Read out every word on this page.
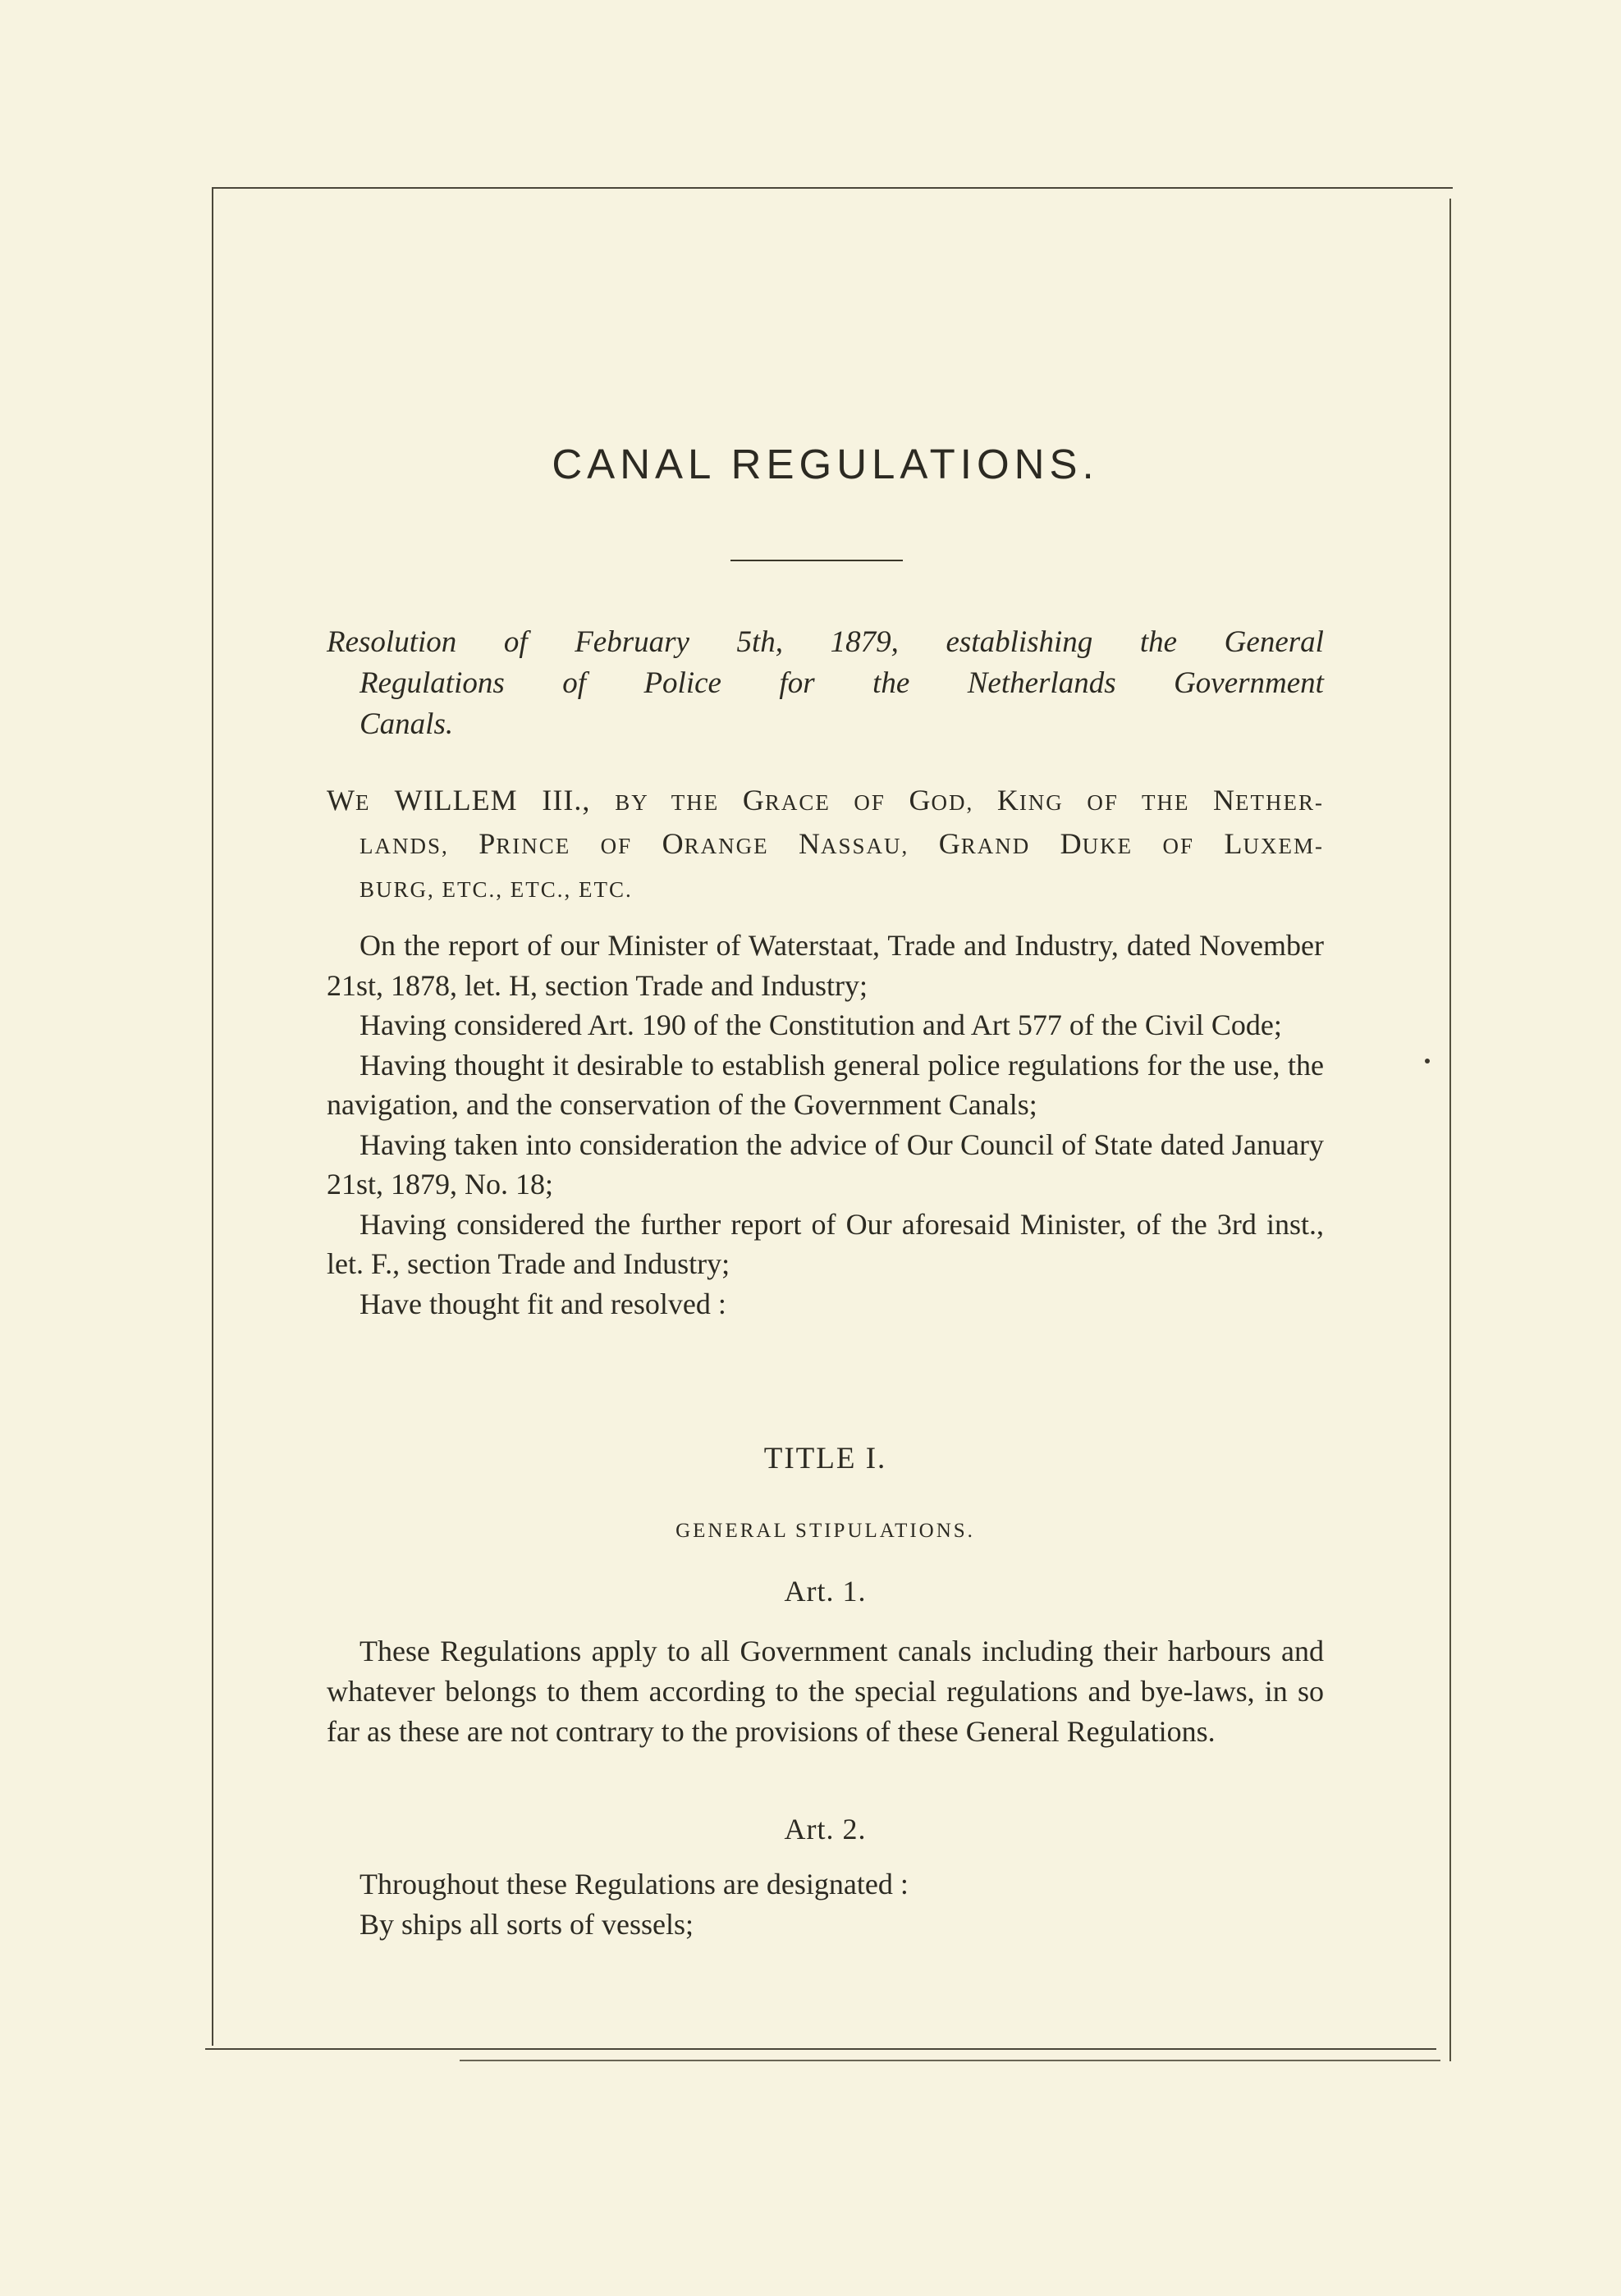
CANAL REGULATIONS.
Resolution of February 5th, 1879, establishing the General
Regulations of Police for the Netherlands Government
Canals.
WE WILLEM III., BY THE GRACE OF GOD, KING OF THE NETHER-
LANDS, PRINCE OF ORANGE NASSAU, GRAND DUKE OF LUXEM-
BURG, ETC., ETC., ETC.

On the report of our Minister of Waterstaat, Trade and Industry, dated November 21st, 1878, let. H, section Trade and Industry;

Having considered Art. 190 of the Constitution and Art 577 of the Civil Code;

Having thought it desirable to establish general police regulations for the use, the navigation, and the conservation of the Government Canals;

Having taken into consideration the advice of Our Council of State dated January 21st, 1879, No. 18;

Having considered the further report of Our aforesaid Minister, of the 3rd inst., let. F., section Trade and Industry;

Have thought fit and resolved :

TITLE I.
GENERAL STIPULATIONS.
Art. 1.

These Regulations apply to all Government canals including their harbours and whatever belongs to them according to the special regulations and bye-laws, in so far as these are not contrary to the provisions of these General Regulations.

Art. 2.

Throughout these Regulations are designated :

By ships all sorts of vessels;
